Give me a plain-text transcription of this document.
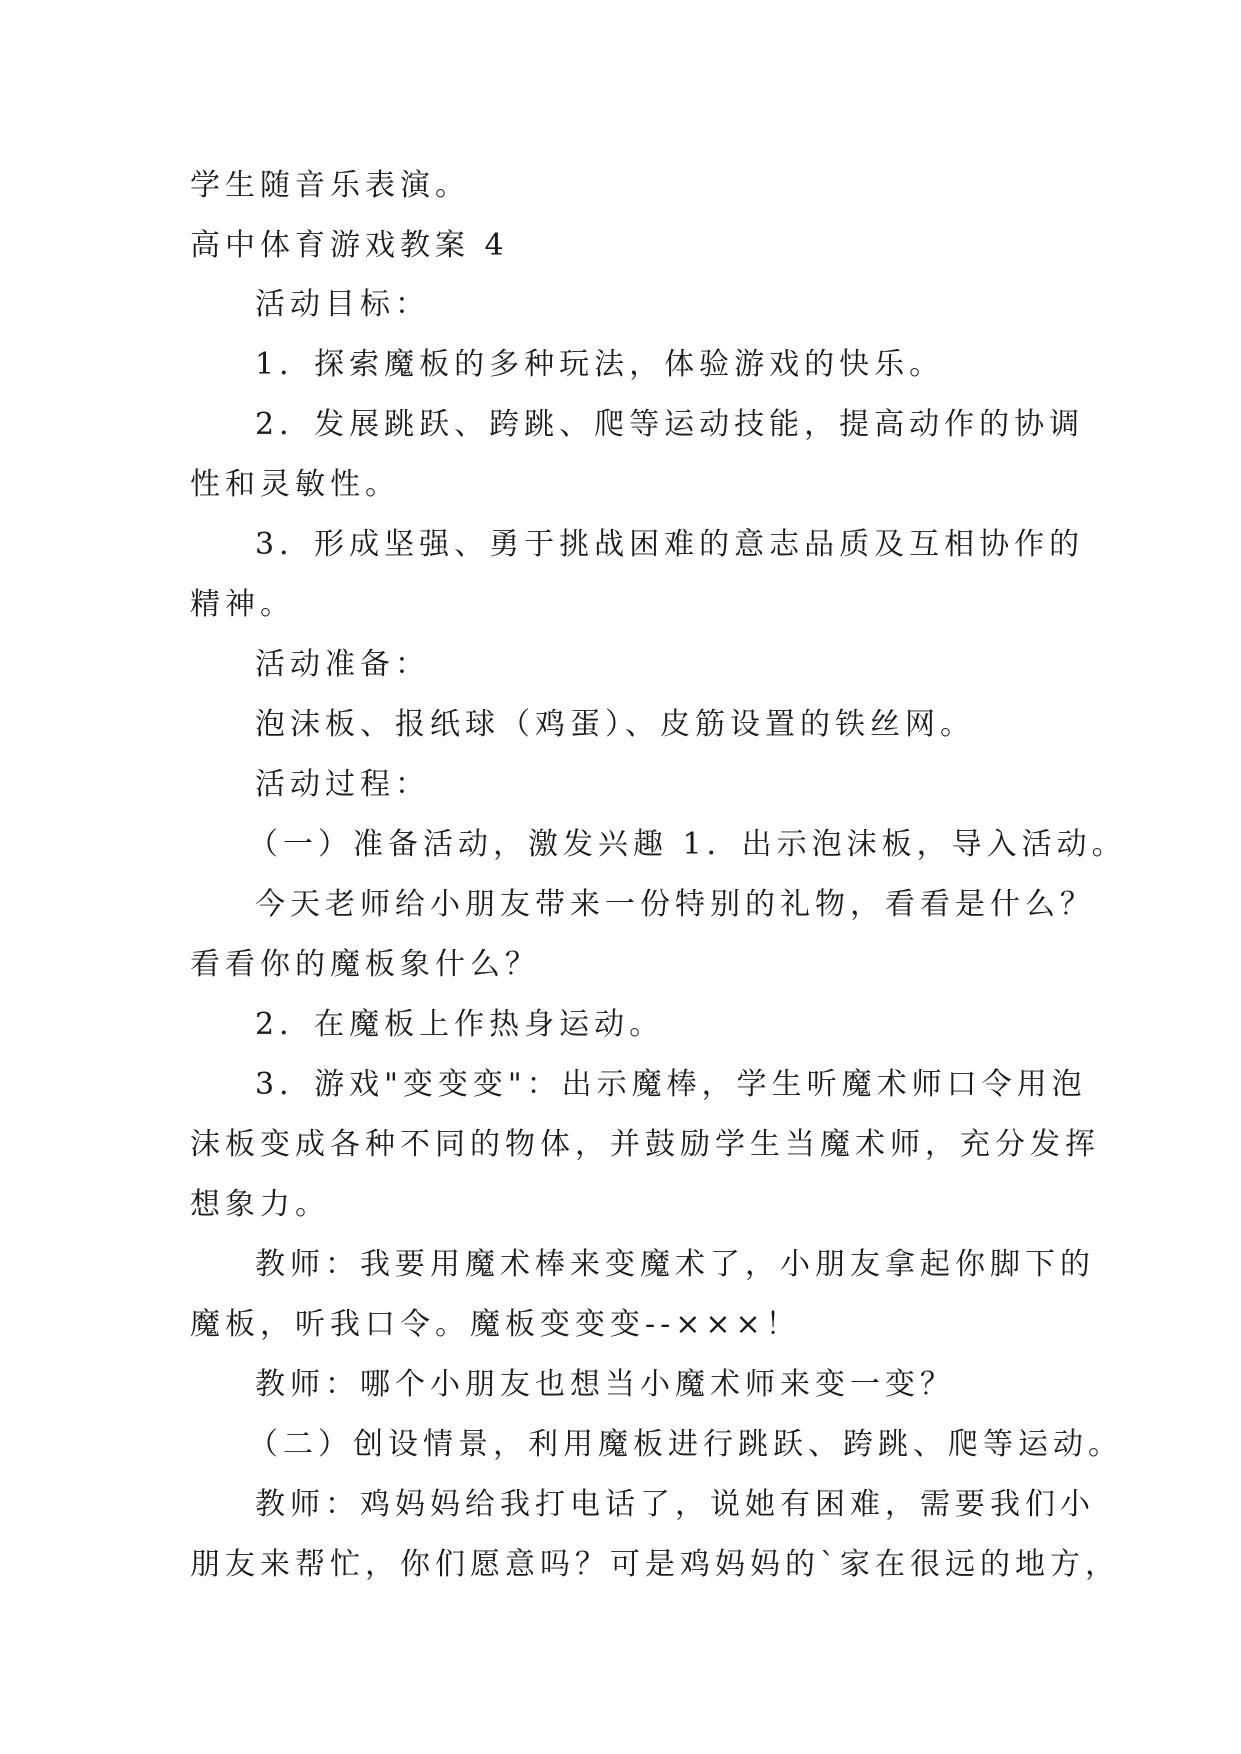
学生随音乐表演。
高中体育游戏教案 4
活动目标：
1．探索魔板的多种玩法，体验游戏的快乐。
2．发展跳跃、跨跳、爬等运动技能，提高动作的协调
性和灵敏性。
3．形成坚强、勇于挑战困难的意志品质及互相协作的
精神。
活动准备：
泡沫板、报纸球（鸡蛋）、皮筋设置的铁丝网。
活动过程：
（一）准备活动，激发兴趣 1．出示泡沫板，导入活动。
今天老师给小朋友带来一份特别的礼物，看看是什么？
看看你的魔板象什么？
2．在魔板上作热身运动。
3．游戏"变变变"：出示魔棒，学生听魔术师口令用泡
沫板变成各种不同的物体，并鼓励学生当魔术师，充分发挥
想象力。
教师：我要用魔术棒来变魔术了，小朋友拿起你脚下的
魔板，听我口令。魔板变变变--×××！
教师：哪个小朋友也想当小魔术师来变一变？
（二）创设情景，利用魔板进行跳跃、跨跳、爬等运动。
教师：鸡妈妈给我打电话了，说她有困难，需要我们小
朋友来帮忙，你们愿意吗？可是鸡妈妈的`家在很远的地方，
